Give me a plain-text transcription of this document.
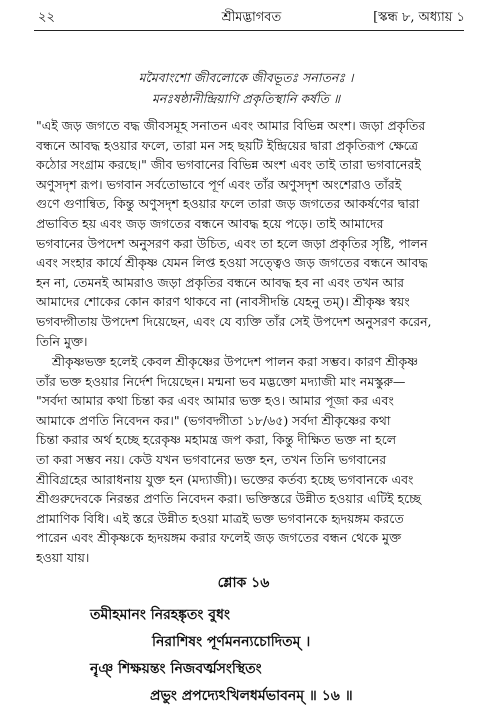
২২	শ্রীমদ্ভাগবত	[স্কন্ধ ৮, অধ্যায় ১
মমৈবাংশো জীবলোকে জীবভূতঃ সনাতনঃ ।
মনঃষষ্ঠানীন্দ্রিয়াণি প্রকৃতিস্থানি কর্ষতি ॥
"এই জড় জগতে বদ্ধ জীবসমূহ সনাতন এবং আমার বিভিন্ন অংশ। জড়া প্রকৃতির
বন্ধনে আবদ্ধ হওয়ার ফলে, তারা মন সহ ছয়টি ইন্দ্রিয়ের দ্বারা প্রকৃতিরূপ ক্ষেত্রে
কঠোর সংগ্রাম করছে।" জীব ভগবানের বিভিন্ন অংশ এবং তাই তারা ভগবানেরই
অণুসদৃশ রূপ। ভগবান সর্বতোভাবে পূর্ণ এবং তাঁর অণুসদৃশ অংশেরাও তাঁরই
গুণে গুণান্বিত, কিন্তু অণুসদৃশ হওয়ার ফলে তারা জড় জগতের আকর্ষণের দ্বারা
প্রভাবিত হয় এবং জড় জগতের বন্ধনে আবদ্ধ হয়ে পড়ে। তাই আমাদের
ভগবানের উপদেশ অনুসরণ করা উচিত, এবং তা হলে জড়া প্রকৃতির সৃষ্টি, পালন
এবং সংহার কার্যে শ্রীকৃষ্ণ যেমন লিপ্ত হওয়া সত্ত্বেও জড় জগতের বন্ধনে আবদ্ধ
হন না, তেমনই আমরাও জড়া প্রকৃতির বন্ধনে আবদ্ধ হব না এবং তখন আর
আমাদের শোকের কোন কারণ থাকবে না (নাবসীদন্তি যেহনু তম্)। শ্রীকৃষ্ণ স্বয়ং
ভগবদ্গীতায় উপদেশ দিয়েছেন, এবং যে ব্যক্তি তাঁর সেই উপদেশ অনুসরণ করেন,
তিনি মুক্ত।
শ্রীকৃষ্ণভক্ত হলেই কেবল শ্রীকৃষ্ণের উপদেশ পালন করা সম্ভব। কারণ শ্রীকৃষ্ণ
তাঁর ভক্ত হওয়ার নির্দেশ দিয়েছেন। মন্মনা ভব মদ্ভক্তো মদ্যাজী মাং নমস্কুরু—
"সর্বদা আমার কথা চিন্তা কর এবং আমার ভক্ত হও। আমার পূজা কর এবং
আমাকে প্রণতি নিবেদন কর।" (ভগবদ্গীতা ১৮/৬৫) সর্বদা শ্রীকৃষ্ণের কথা
চিন্তা করার অর্থ হচ্ছে হরেকৃষ্ণ মহামন্ত্র জপ করা, কিন্তু দীক্ষিত ভক্ত না হলে
তা করা সম্ভব নয়। কেউ যখন ভগবানের ভক্ত হন, তখন তিনি ভগবানের
শ্রীবিগ্রহের আরাধনায় যুক্ত হন (মদ্যাজী)। ভক্তের কর্তব্য হচ্ছে ভগবানকে এবং
শ্রীগুরুদেবকে নিরন্তর প্রণতি নিবেদন করা। ভক্তিস্তরে উন্নীত হওয়ার এটিই হচ্ছে
প্রামাণিক বিধি। এই স্তরে উন্নীত হওয়া মাত্রই ভক্ত ভগবানকে হৃদয়ঙ্গম করতে
পারেন এবং শ্রীকৃষ্ণকে হৃদয়ঙ্গম করার ফলেই জড় জগতের বন্ধন থেকে মুক্ত
হওয়া যায়।
শ্লোক ১৬
তমীহমানং নিরহঙ্কৃতং বুধং
নিরাশিষং পূর্ণমনন্যচোদিতম্ ।
নৄঞ্ শিক্ষয়ন্তং নিজবর্ত্মসংস্থিতং
প্রভুং প্রপদ্যেঽখিলধর্মভাবনম্ ॥ ১৬ ॥
